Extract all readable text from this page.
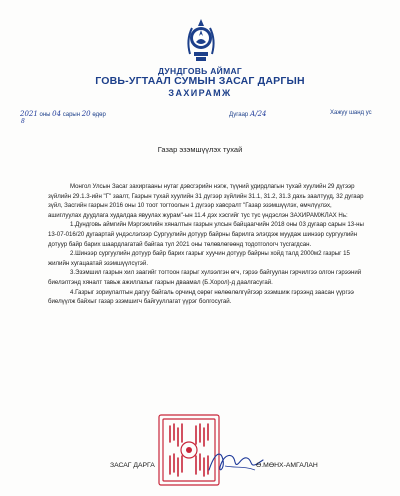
ДУНДГОВЬ АЙМАГ
ГОВЬ-УГТААЛ СУМЫН ЗАСАГ ДАРГЫН
ЗАХИРАМЖ
2021 оны 04 сарын 20 өдөр	Дугаар А/24	Хажуу шанд ус
8
Газар эзэмшүүлэх тухай

Монгол Улсын Засаг захиргааны нутаг дэвсгэрийн нэгж, түүний удирдлагын тухай хуулийн 29 дүгээр зүйлийн 29.1.3-ийн "Г" заалт, Газрын тухай хуулийн 31 дүгээр зүйлийн 31.1, 31.2, 31.3 дахь заалтууд, 32 дугаар зүйл, Засгийн газрын 2016 оны 10 тоот тогтоолын 1 дүгээр хавсралт "Газар эзэмшүүлэх, өмчлүүлэх, ашиглуулах дуудлага худалдаа явуулах журам"-ын 11.4 дэх хэсгийг тус тус үндэслэн ЗАХИРАМЖЛАХ Нь:

1.Дундговь аймгийн Мэргэжлийн хяналтын газрын улсын байцаагчийн 2018 оны 03 дугаар сарын 13-ны 13-07-016/20 дугаартай ундэслэлээр Сургуулийн дотуур байрны барилга элэгдэж муудаж шинээр сургуулийн дотуур байр барих шаардлагатай байгаа тул 2021 оны төлөвлөгөөнд тодотгологч тусгагдсан.

2.Шинээр сургуулийн дотуур байр барих газрыг хуучин дотуур байрны хойд талд 2000м2 газрыг 15 жилийн хугацаатай эзэмшүүлсүгэй.

3.Эзэмшил газрын хил заагийг тогтоон газрыг хулээлгэн өгч, гэрээ байгуулан гэрчилгээ олгон гэрээний биелэлтэнд хяналт тавьж ажиллахыг газрын дваамал (Б.Хорол)-д даалгасугай.

4.Газрыг зориулалтын дагуу байгаль орчинд сөрөг нөлөөлөлгүйгээр эзэмшиж гэрээнд заасан үүргээ биелүүлж байхыг газар эзэмшигч байгууллагат үүрэг болгосугай.

ЗАСАГ ДАРГА	Ө.МӨНХ-АМГАЛАН
